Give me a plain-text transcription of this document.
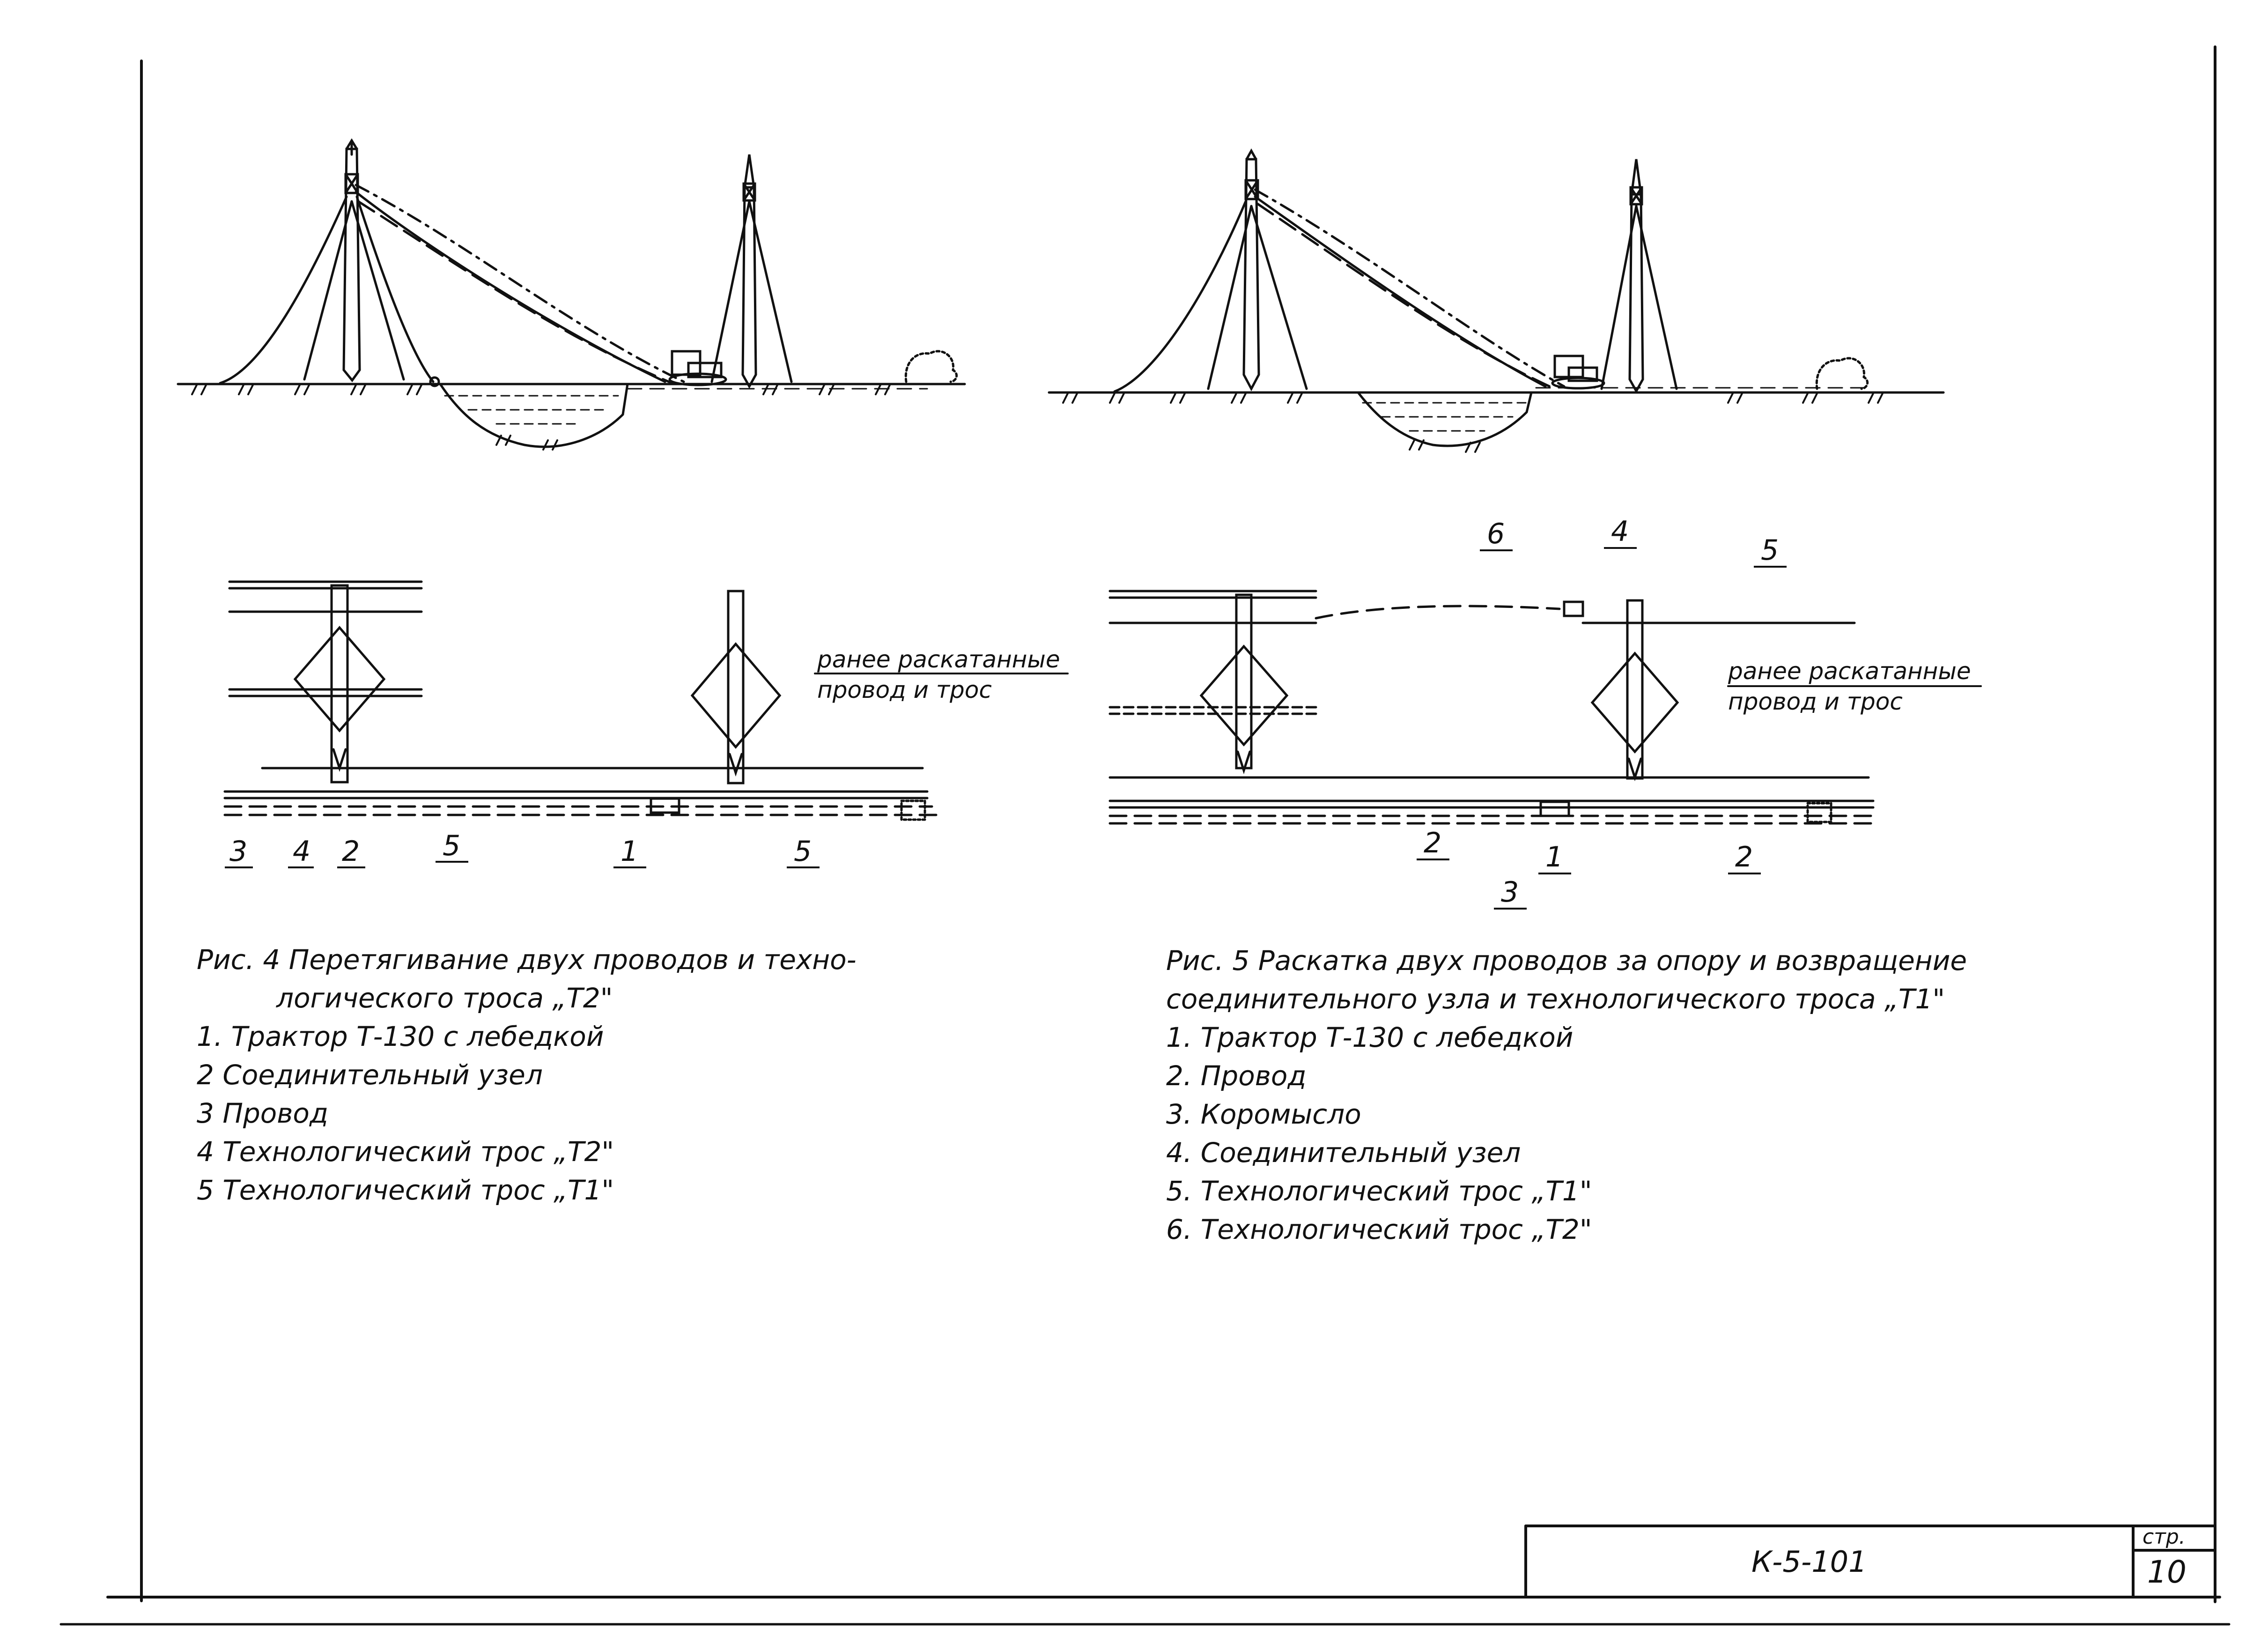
3 4 2	5	1	5
ранее раскатанные
провод и трос
6	4
5
2	1
3
2
ранее раскатанные
провод и трос
Рис. 4 Перетягивание двух проводов и техно-
логического троса „Т2"
1. Трактор Т-130 с лебедкой
2 Соединительный узел
3 Провод
4 Технологический трос „Т2"
5 Технологический трос „Т1"
Рис. 5 Раскатка двух проводов за опору и возвращение
соединительного узла и технологического троса „Т1"
1. Трактор Т-130 с лебедкой
2. Провод
3. Коромысло
4. Соединительный узел
5. Технологический трос „Т1"
6. Технологический трос „Т2"
К-5-101
стр.
10
